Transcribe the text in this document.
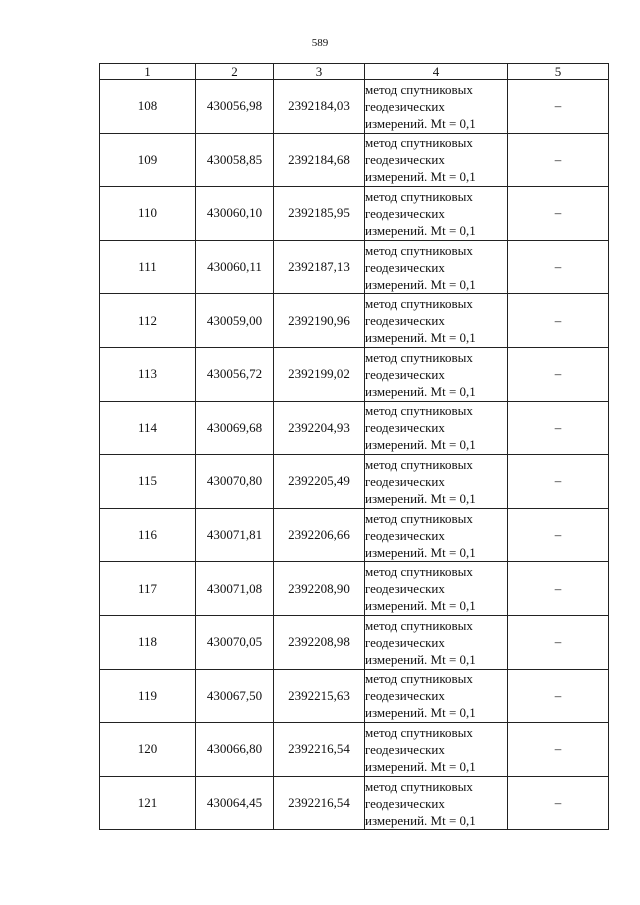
589
1	2	3	4	5
108	430056,98	2392184,03	метод спутниковых
геодезических
измерений. Mt = 0,1	–
109	430058,85	2392184,68	метод спутниковых
геодезических
измерений. Mt = 0,1	–
110	430060,10	2392185,95	метод спутниковых
геодезических
измерений. Mt = 0,1	–
111	430060,11	2392187,13	метод спутниковых
геодезических
измерений. Mt = 0,1	–
112	430059,00	2392190,96	метод спутниковых
геодезических
измерений. Mt = 0,1	–
113	430056,72	2392199,02	метод спутниковых
геодезических
измерений. Mt = 0,1	–
114	430069,68	2392204,93	метод спутниковых
геодезических
измерений. Mt = 0,1	–
115	430070,80	2392205,49	метод спутниковых
геодезических
измерений. Mt = 0,1	–
116	430071,81	2392206,66	метод спутниковых
геодезических
измерений. Mt = 0,1	–
117	430071,08	2392208,90	метод спутниковых
геодезических
измерений. Mt = 0,1	–
118	430070,05	2392208,98	метод спутниковых
геодезических
измерений. Mt = 0,1	–
119	430067,50	2392215,63	метод спутниковых
геодезических
измерений. Mt = 0,1	–
120	430066,80	2392216,54	метод спутниковых
геодезических
измерений. Mt = 0,1	–
121	430064,45	2392216,54	метод спутниковых
геодезических
измерений. Mt = 0,1	–
